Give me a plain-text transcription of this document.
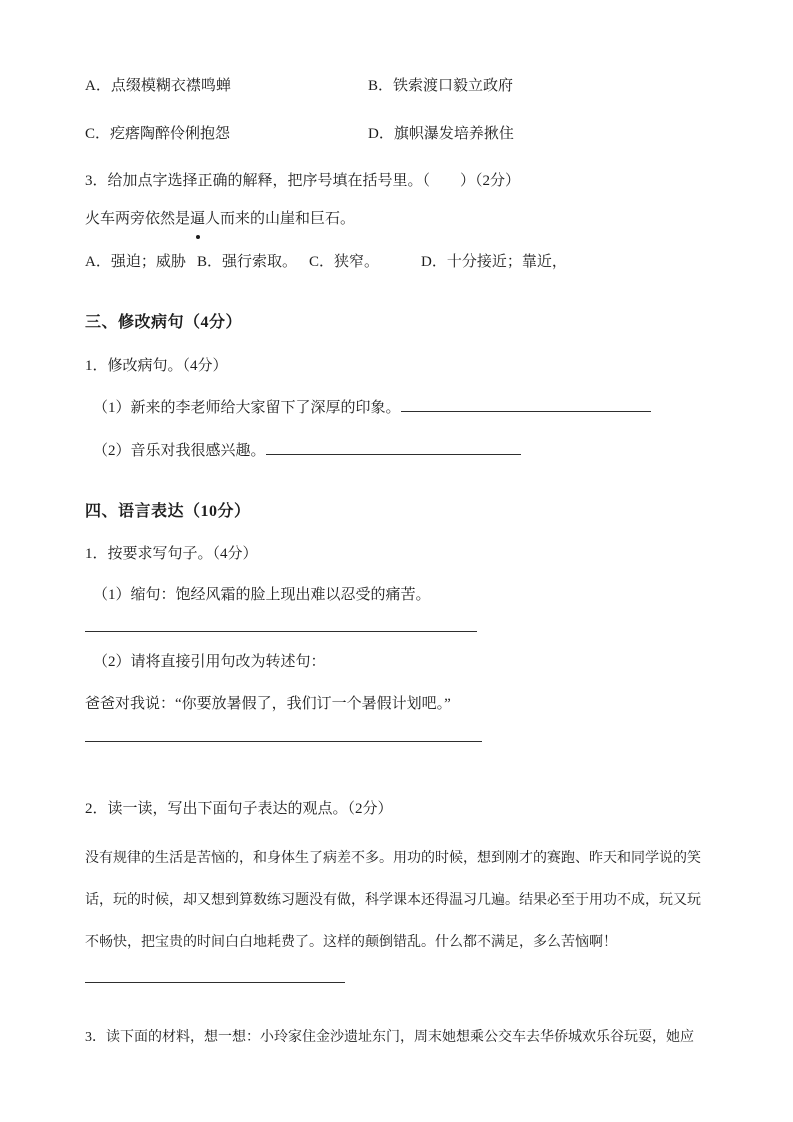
A．点缀模糊衣襟鸣蝉	B．铁索渡口毅立政府
C．疙瘩陶醉伶俐抱怨	D．旗帜瀑发培养揪住
3．给加点字选择正确的解释，把序号填在括号里。（　　）（2分）
火车两旁依然是逼
人而来的山崖和巨石。
A．强迫；威胁 B．强行索取。 C．狭窄。	D．十分接近；靠近，
三、修改病句（4分）
1．修改病句。（4分）
（1）新来的李老师给大家留下了深厚的印象。
（2）音乐对我很感兴趣。
四、语言表达（10分）
1．按要求写句子。（4分）
（1）缩句：饱经风霜的脸上现出难以忍受的痛苦。
（2）请将直接引用句改为转述句：
爸爸对我说：“你要放暑假了，我们订一个暑假计划吧。”
2．读一读，写出下面句子表达的观点。（2分）
没有规律的生活是苦恼的，和身体生了病差不多。用功的时候，想到刚才的赛跑、昨天和同学说的笑
话，玩的时候，却又想到算数练习题没有做，科学课本还得温习几遍。结果必至于用功不成，玩又玩
不畅快，把宝贵的时间白白地耗费了。这样的颠倒错乱。什么都不满足，多么苦恼啊！
3．读下面的材料，想一想：小玲家住金沙遗址东门，周末她想乘公交车去华侨城欢乐谷玩耍，她应
